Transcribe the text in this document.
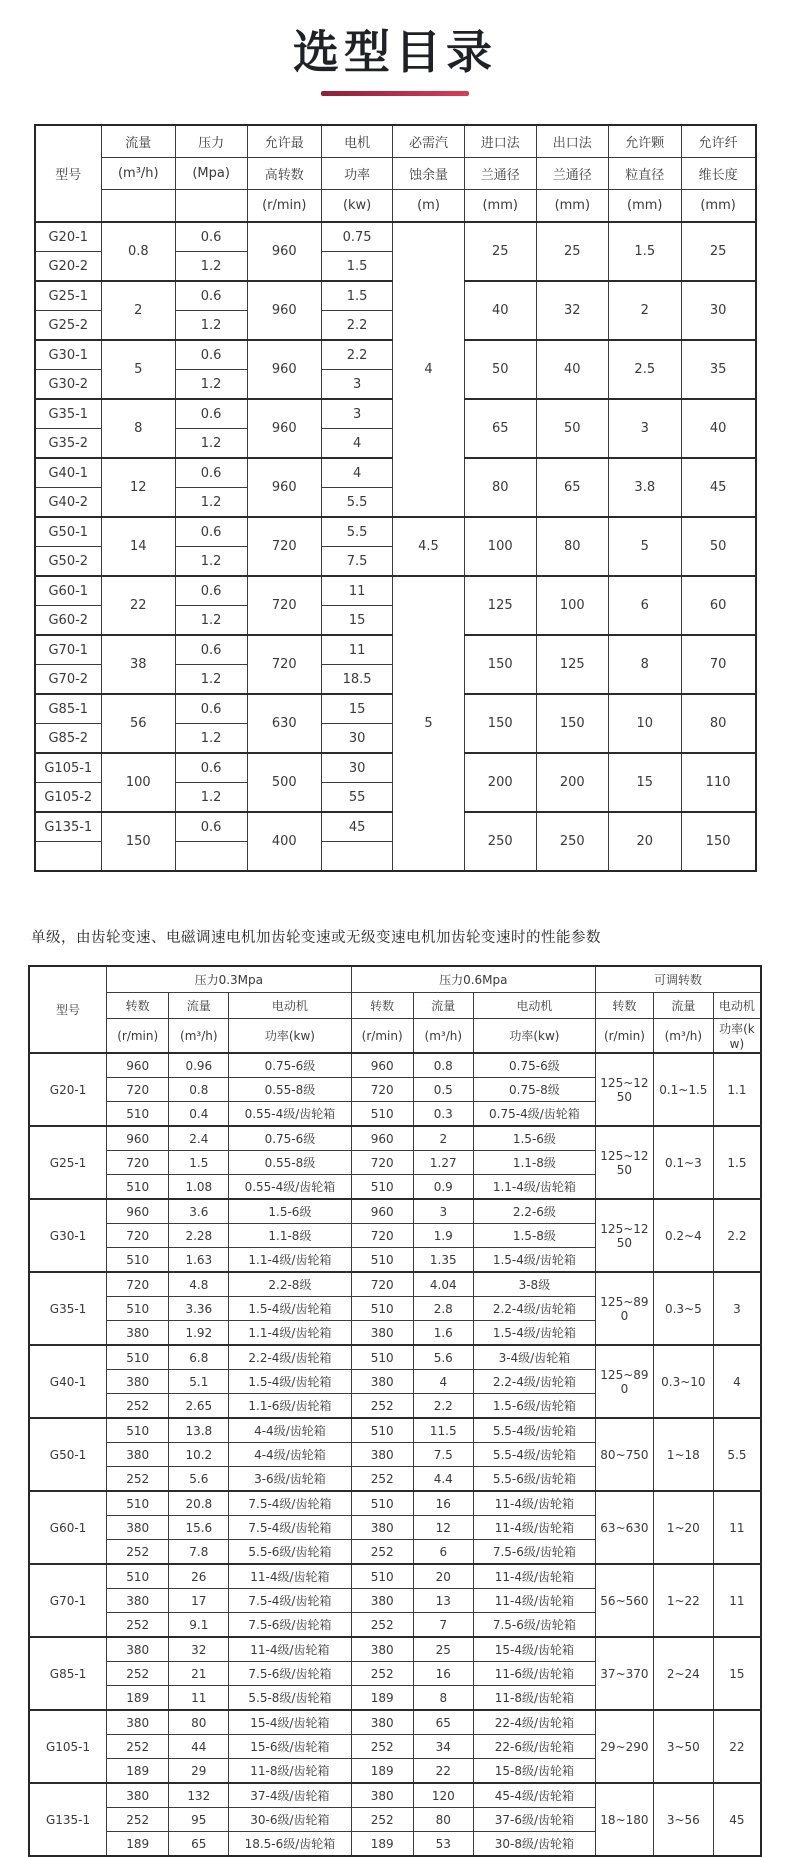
选型目录
型号	流量	压力	允许最	电机	必需汽	进口法	出口法	允许颗	允许纤
	(m³/h)	(Mpa)	高转数	功率	蚀余量	兰通径	兰通径	粒直径	维长度
			(r/min)	(kw)	(m)	(mm)	(mm)	(mm)	(mm)
G20-1	0.8	0.6	960	0.75	4	25	25	1.5	25
G20-2		1.2		1.5					
G25-1	2	0.6	960	1.5		40	32	2	30
G25-2		1.2		2.2					
G30-1	5	0.6	960	2.2		50	40	2.5	35
G30-2		1.2		3					
G35-1	8	0.6	960	3		65	50	3	40
G35-2		1.2		4					
G40-1	12	0.6	960	4		80	65	3.8	45
G40-2		1.2		5.5					
G50-1	14	0.6	720	5.5	4.5	100	80	5	50
G50-2		1.2		7.5					
G60-1	22	0.6	720	11	5	125	100	6	60
G60-2		1.2		15					
G70-1	38	0.6	720	11		150	125	8	70
G70-2		1.2		18.5					
G85-1	56	0.6	630	15		150	150	10	80
G85-2		1.2		30					
G105-1	100	0.6	500	30		200	200	15	110
G105-2		1.2		55					
G135-1	150	0.6	400	45		250	250	20	150

单级，由齿轮变速、电磁调速电机加齿轮变速或无级变速电机加齿轮变速时的性能参数

型号	压力0.3Mpa			压力0.6Mpa			可调转数		
	转数	流量	电动机	转数	流量	电动机	转数	流量	电动机
	(r/min)	(m³/h)	功率(kw)	(r/min)	(m³/h)	功率(kw)	(r/min)	(m³/h)	功率(kw)
G20-1	960	0.96	0.75-6级	960	0.8	0.75-6级	125~1250	0.1~1.5	1.1
	720	0.8	0.55-8级	720	0.5	0.75-8级			
	510	0.4	0.55-4级/齿轮箱	510	0.3	0.75-4级/齿轮箱			
G25-1	960	2.4	0.75-6级	960	2	1.5-6级	125~1250	0.1~3	1.5
	720	1.5	0.55-8级	720	1.27	1.1-8级			
	510	1.08	0.55-4级/齿轮箱	510	0.9	1.1-4级/齿轮箱			
G30-1	960	3.6	1.5-6级	960	3	2.2-6级	125~1250	0.2~4	2.2
	720	2.28	1.1-8级	720	1.9	1.5-8级			
	510	1.63	1.1-4级/齿轮箱	510	1.35	1.5-4级/齿轮箱			
G35-1	720	4.8	2.2-8级	720	4.04	3-8级	125~890	0.3~5	3
	510	3.36	1.5-4级/齿轮箱	510	2.8	2.2-4级/齿轮箱			
	380	1.92	1.1-4级/齿轮箱	380	1.6	1.5-4级/齿轮箱			
G40-1	510	6.8	2.2-4级/齿轮箱	510	5.6	3-4级/齿轮箱	125~890	0.3~10	4
	380	5.1	1.5-4级/齿轮箱	380	4	2.2-4级/齿轮箱			
	252	2.65	1.1-6级/齿轮箱	252	2.2	1.5-6级/齿轮箱			
G50-1	510	13.8	4-4级/齿轮箱	510	11.5	5.5-4级/齿轮箱	80~750	1~18	5.5
	380	10.2	4-4级/齿轮箱	380	7.5	5.5-4级/齿轮箱			
	252	5.6	3-6级/齿轮箱	252	4.4	5.5-6级/齿轮箱			
G60-1	510	20.8	7.5-4级/齿轮箱	510	16	11-4级/齿轮箱	63~630	1~20	11
	380	15.6	7.5-4级/齿轮箱	380	12	11-4级/齿轮箱			
	252	7.8	5.5-6级/齿轮箱	252	6	7.5-6级/齿轮箱			
G70-1	510	26	11-4级/齿轮箱	510	20	11-4级/齿轮箱	56~560	1~22	11
	380	17	7.5-4级/齿轮箱	380	13	11-4级/齿轮箱			
	252	9.1	7.5-6级/齿轮箱	252	7	7.5-6级/齿轮箱			
G85-1	380	32	11-4级/齿轮箱	380	25	15-4级/齿轮箱	37~370	2~24	15
	252	21	7.5-6级/齿轮箱	252	16	11-6级/齿轮箱			
	189	11	5.5-8级/齿轮箱	189	8	11-8级/齿轮箱			
G105-1	380	80	15-4级/齿轮箱	380	65	22-4级/齿轮箱	29~290	3~50	22
	252	44	15-6级/齿轮箱	252	34	22-6级/齿轮箱			
	189	29	11-8级/齿轮箱	189	22	15-8级/齿轮箱			
G135-1	380	132	37-4级/齿轮箱	380	120	45-4级/齿轮箱	18~180	3~56	45
	252	95	30-6级/齿轮箱	252	80	37-6级/齿轮箱			
	189	65	18.5-6级/齿轮箱	189	53	30-8级/齿轮箱			
